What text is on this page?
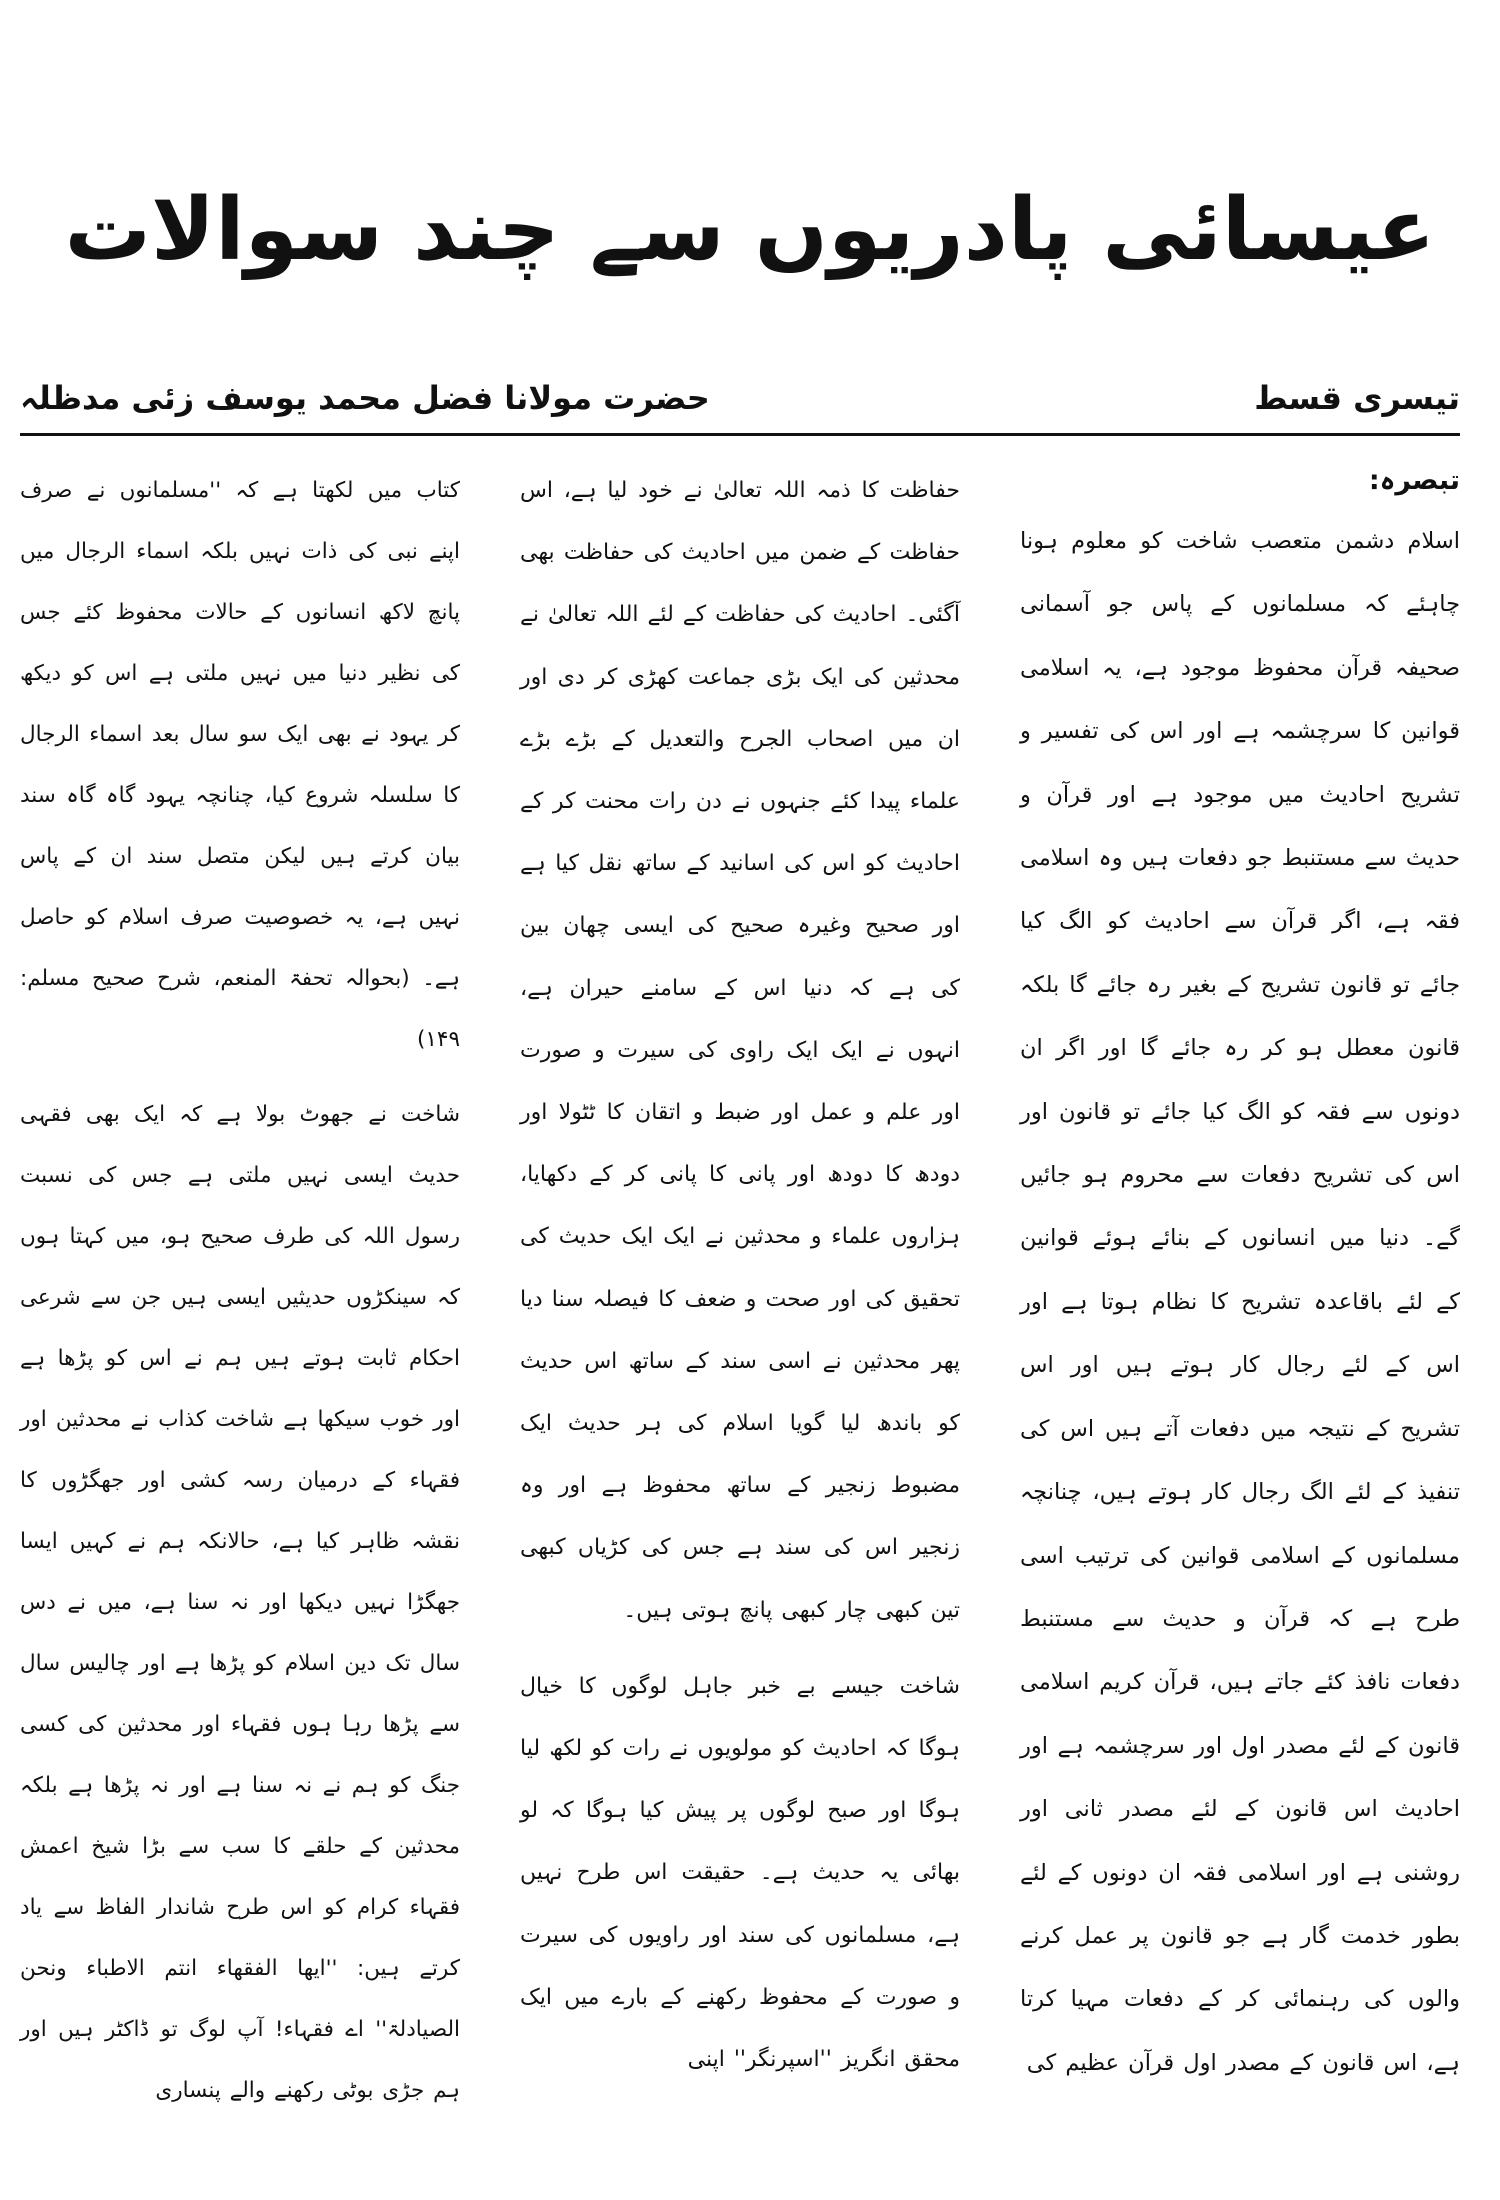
عیسائی پادریوں سے چند سوالات
تیسری قسط
حضرت مولانا فضل محمد یوسف زئی مدظلہ
تبصرہ:

اسلام دشمن متعصب شاخت کو معلوم ہونا چاہئے کہ مسلمانوں کے پاس جو آسمانی صحیفہ قرآن محفوظ موجود ہے، یہ اسلامی قوانین کا سرچشمہ ہے اور اس کی تفسیر و تشریح احادیث میں موجود ہے اور قرآن و حدیث سے مستنبط جو دفعات ہیں وہ اسلامی فقہ ہے، اگر قرآن سے احادیث کو الگ کیا جائے تو قانون تشریح کے بغیر رہ جائے گا بلکہ قانون معطل ہو کر رہ جائے گا اور اگر ان دونوں سے فقہ کو الگ کیا جائے تو قانون اور اس کی تشریح دفعات سے محروم ہو جائیں گے۔ دنیا میں انسانوں کے بنائے ہوئے قوانین کے لئے باقاعدہ تشریح کا نظام ہوتا ہے اور اس کے لئے رجال کار ہوتے ہیں اور اس تشریح کے نتیجہ میں دفعات آتے ہیں اس کی تنفیذ کے لئے الگ رجال کار ہوتے ہیں، چنانچہ مسلمانوں کے اسلامی قوانین کی ترتیب اسی طرح ہے کہ قرآن و حدیث سے مستنبط دفعات نافذ کئے جاتے ہیں، قرآن کریم اسلامی قانون کے لئے مصدر اول اور سرچشمہ ہے اور احادیث اس قانون کے لئے مصدر ثانی اور روشنی ہے اور اسلامی فقہ ان دونوں کے لئے بطور خدمت گار ہے جو قانون پر عمل کرنے والوں کی رہنمائی کر کے دفعات مہیا کرتا ہے، اس قانون کے مصدر اول قرآن عظیم کی

حفاظت کا ذمہ اللہ تعالیٰ نے خود لیا ہے، اس حفاظت کے ضمن میں احادیث کی حفاظت بھی آگئی۔ احادیث کی حفاظت کے لئے اللہ تعالیٰ نے محدثین کی ایک بڑی جماعت کھڑی کر دی اور ان میں اصحاب الجرح والتعدیل کے بڑے بڑے علماء پیدا کئے جنہوں نے دن رات محنت کر کے احادیث کو اس کی اسانید کے ساتھ نقل کیا ہے اور صحیح وغیرہ صحیح کی ایسی چھان بین کی ہے کہ دنیا اس کے سامنے حیران ہے، انہوں نے ایک ایک راوی کی سیرت و صورت اور علم و عمل اور ضبط و اتقان کا ٹٹولا اور دودھ کا دودھ اور پانی کا پانی کر کے دکھایا، ہزاروں علماء و محدثین نے ایک ایک حدیث کی تحقیق کی اور صحت و ضعف کا فیصلہ سنا دیا پھر محدثین نے اسی سند کے ساتھ اس حدیث کو باندھ لیا گویا اسلام کی ہر حدیث ایک مضبوط زنجیر کے ساتھ محفوظ ہے اور وہ زنجیر اس کی سند ہے جس کی کڑیاں کبھی تین کبھی چار کبھی پانچ ہوتی ہیں۔

شاخت جیسے بے خبر جاہل لوگوں کا خیال ہوگا کہ احادیث کو مولویوں نے رات کو لکھ لیا ہوگا اور صبح لوگوں پر پیش کیا ہوگا کہ لو بھائی یہ حدیث ہے۔ حقیقت اس طرح نہیں ہے، مسلمانوں کی سند اور راویوں کی سیرت و صورت کے محفوظ رکھنے کے بارے میں ایک محقق انگریز ''اسپرنگر'' اپنی

کتاب میں لکھتا ہے کہ ''مسلمانوں نے صرف اپنے نبی کی ذات نہیں بلکہ اسماء الرجال میں پانچ لاکھ انسانوں کے حالات محفوظ کئے جس کی نظیر دنیا میں نہیں ملتی ہے اس کو دیکھ کر یہود نے بھی ایک سو سال بعد اسماء الرجال کا سلسلہ شروع کیا، چنانچہ یہود گاہ گاہ سند بیان کرتے ہیں لیکن متصل سند ان کے پاس نہیں ہے، یہ خصوصیت صرف اسلام کو حاصل ہے۔ (بحوالہ تحفۃ المنعم، شرح صحیح مسلم: ۱۴۹)

شاخت نے جھوٹ بولا ہے کہ ایک بھی فقہی حدیث ایسی نہیں ملتی ہے جس کی نسبت رسول اللہ کی طرف صحیح ہو، میں کہتا ہوں کہ سینکڑوں حدیثیں ایسی ہیں جن سے شرعی احکام ثابت ہوتے ہیں ہم نے اس کو پڑھا ہے اور خوب سیکھا ہے شاخت کذاب نے محدثین اور فقہاء کے درمیان رسہ کشی اور جھگڑوں کا نقشہ ظاہر کیا ہے، حالانکہ ہم نے کہیں ایسا جھگڑا نہیں دیکھا اور نہ سنا ہے، میں نے دس سال تک دین اسلام کو پڑھا ہے اور چالیس سال سے پڑھا رہا ہوں فقہاء اور محدثین کی کسی جنگ کو ہم نے نہ سنا ہے اور نہ پڑھا ہے بلکہ محدثین کے حلقے کا سب سے بڑا شیخ اعمش فقہاء کرام کو اس طرح شاندار الفاظ سے یاد کرتے ہیں: ''ایھا الفقھاء انتم الاطباء ونحن الصیادلۃ'' اے فقہاء! آپ لوگ تو ڈاکٹر ہیں اور ہم جڑی بوٹی رکھنے والے پنساری
